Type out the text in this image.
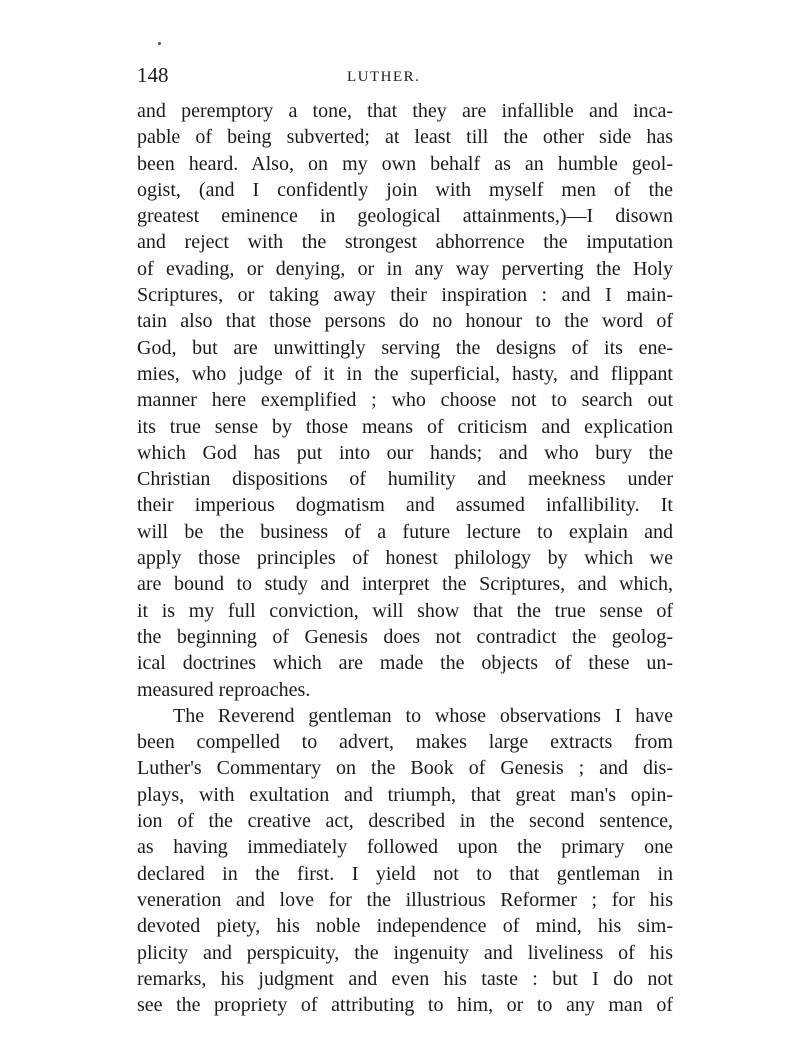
148	LUTHER.
and peremptory a tone, that they are infallible and inca-
pable of being subverted; at least till the other side has
been heard. Also, on my own behalf as an humble geol-
ogist, (and I confidently join with myself men of the
greatest eminence in geological attainments,)—I disown
and reject with the strongest abhorrence the imputation
of evading, or denying, or in any way perverting the Holy
Scriptures, or taking away their inspiration : and I main-
tain also that those persons do no honour to the word of
God, but are unwittingly serving the designs of its ene-
mies, who judge of it in the superficial, hasty, and flippant
manner here exemplified ; who choose not to search out
its true sense by those means of criticism and explication
which God has put into our hands; and who bury the
Christian dispositions of humility and meekness under
their imperious dogmatism and assumed infallibility. It
will be the business of a future lecture to explain and
apply those principles of honest philology by which we
are bound to study and interpret the Scriptures, and which,
it is my full conviction, will show that the true sense of
the beginning of Genesis does not contradict the geolog-
ical doctrines which are made the objects of these un-
measured reproaches.
The Reverend gentleman to whose observations I have
been compelled to advert, makes large extracts from
Luther's Commentary on the Book of Genesis ; and dis-
plays, with exultation and triumph, that great man's opin-
ion of the creative act, described in the second sentence,
as having immediately followed upon the primary one
declared in the first. I yield not to that gentleman in
veneration and love for the illustrious Reformer ; for his
devoted piety, his noble independence of mind, his sim-
plicity and perspicuity, the ingenuity and liveliness of his
remarks, his judgment and even his taste : but I do not
see the propriety of attributing to him, or to any man of
